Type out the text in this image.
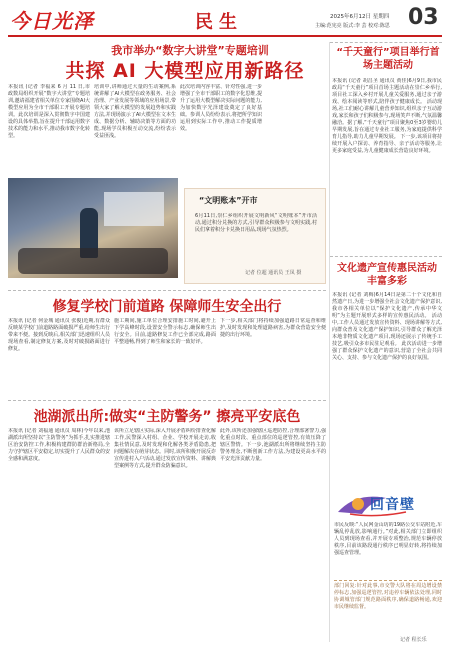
今日光泽	民生	2025年6月12日 星期四
主编:范宪亮 版式:李 芸 校对:陈思 03
我市举办“数字大讲堂”专题培训
共探 AI 大模型应用新路径
本报讯 (记者 李福来 6 月 11 日,市政数局组织开展“数字大讲堂”专题培训,邀请福建省相关单位专家围绕AI大模型应用为全市干部职工开展专题培训。此次培训是深入贯彻数字中国建设的具体举措,旨在提升干部运用数字技术的能力和水平,推动我市数字化转型。
培训中,讲师通过大量的生动案例,系统讲解了AI大模型在政务服务、社会治理、产业发展等领域的应用场景,带领大家了解大模型的发展趋势和实践方法,并现场演示了AI大模型在文本生成、数据分析、辅助决策等方面的功能,现场学员积极互动交流,纷纷表示受益匪浅。
此次培训内容丰富、针对性强,进一步增强了全市干部职工的数字化思维,提升了运用大模型解决实际问题的能力,为加快数字光泽建设奠定了良好基础。参训人员纷纷表示,将把所学知识运用到实际工作中,推动工作提质增效。
“文明账本”开市
6月11日,崇仁乡组织开展文明新风“文明账本”开市活动,通过积分兑换的方式,引导群众积极参与文明实践,村民们拿着积分卡兑换日用品,现场气氛热烈。
记者 位超 通讯员 王凤 摄
“千天童行”项目举行首场主题活动
本报讯 (记者 胡昌圣 通讯员 黄佳)6月9日,我市民政局“千天童行”项目首场主题活动在崇仁乡举行,项目社工深入乡村开展儿童关爱服务,通过亲子游戏、绘本阅读等形式,陪伴孩子健康成长。 活动现场,社工们耐心讲解儿童营养知识,组织亲子互动游戏,家长和孩子们积极参与,现场笑声不断,气氛温馨融洽。据了解,“千天童行”项目聚焦0至3岁婴幼儿早期发展,旨在通过专业社工服务,为家庭提供科学育儿指导,助力儿童早期发展。 下一步,该项目将持续开展入户探访、养育指导、亲子活动等服务,让更多家庭受益,为儿童健康成长营造良好环境。
文化遗产宣传惠民活动丰富多彩
本报讯 (记者 刘梅)6月14日是第二十个文化和自然遗产日,为进一步增强全社会文化遗产保护意识,我市各相关单位以“保护文化遗产,传承中华文明”为主题开展形式多样的宣传惠民活动。 活动中,工作人员通过发放宣传资料、现场讲解等方式,向群众普及文化遗产保护知识,引导群众了解光泽本地非物质文化遗产项目,现场还展示了传统手工技艺,吸引众多市民驻足观看。 此次活动进一步增强了群众保护文化遗产的意识,营造了全社会共同关心、支持、参与文化遗产保护的良好氛围。
修复学校门前道路 保障师生安全出行
本报讯 (记者 何金城 通讯员 张俊)近期,有群众反映某学校门前道路路面破损严重,给师生出行带来不便。接到反映后,相关部门迅速组织人员现场查看,制定修复方案,及时对破损路面进行修复。
施工期间,施工单位合理安排施工时间,避开上下学高峰时段,设置安全警示标志,确保师生出行安全。目前,道路修复工作已全部完成,路面平整通畅,得到了师生和家长的一致好评。
下一步,相关部门将持续加强道路日常巡查和维护,及时发现和处理道路病害,为群众营造安全便捷的出行环境。
池湖派出所:做实“主防警务” 擦亮平安底色
本报讯 (记者 刘福通 通讯员 周林)今年以来,池湖派出所坚持以“主防警务”为抓手,扎实推进辖区治安防控工作,积极构建群防群治新格局,全力守护辖区平安稳定,切实提升了人民群众的安全感和满意度。
该所立足辖区实际,深入开展矛盾纠纷排查化解工作,民警深入村组、企业、学校开展走访,收集社情民意,及时发现和化解各类矛盾隐患,把问题解决在萌芽状态。同时,该所积极开展反诈宣传进村入户活动,通过发放宣传资料、讲解典型案例等方式,提升群众防骗意识。
此外,该所还加强辖区巡逻防控,合理部署警力,强化重点时段、重点部位的巡逻管控,有效压降了辖区警情。下一步,池湖派出所将继续坚持主防警务理念,不断创新工作方法,为建设更高水平的平安光泽贡献力量。
回音壁
市民反映:“人民网金山坊的19路公交车站附近,车辆乱停乱放,影响通行。”对此,相关部门立即组织人员到现场查看,并开展专项整治,规范车辆停放秩序,目前该路段通行秩序已明显好转,将持续加强巡查管理。
部门回复:针对此事,市交警大队将在周边增设禁停标志,加强巡逻管控,对违停车辆依法处理,同时协调城管部门规范路面秩序,确保道路畅通,欢迎市民继续监督。
记者 程长乐
